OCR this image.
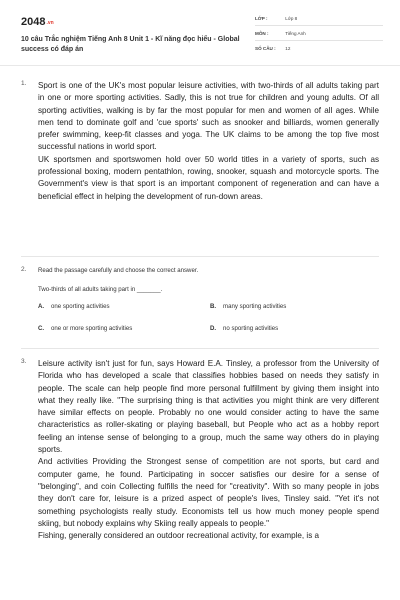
2048.vn
10 câu Trắc nghiệm Tiếng Anh 8 Unit 1 - Kĩ năng đọc hiểu - Global success có đáp án
LỚP :	Lớp 8
MÔN :	Tiếng Anh
SỐ CÂU : 12
1. Sport is one of the UK's most popular leisure activities, with two-thirds of all adults taking part in one or more sporting activities. Sadly, this is not true for children and young adults. Of all sporting activities, walking is by far the most popular for men and women of all ages. While men tend to dominate golf and 'cue sports' such as snooker and billiards, women generally prefer swimming, keep-fit classes and yoga. The UK claims to be among the top five most successful nations in world sport.

UK sportsmen and sportswomen hold over 50 world titles in a variety of sports, such as professional boxing, modern pentathlon, rowing, snooker, squash and motorcycle sports. The Government's view is that sport is an important component of regeneration and can have a beneficial effect in helping the development of run-down areas.

2. Read the passage carefully and choose the correct answer.

Two-thirds of all adults taking part in _______.

A. one sporting activities	B. many sporting activities
C. one or more sporting activities	D. no sporting activities
3. Leisure activity isn't just for fun, says Howard E.A. Tinsley, a professor from the University of Florida who has developed a scale that classifies hobbies based on needs they satisfy in people. The scale can help people find more personal fulfillment by giving them insight into what they really like. "The surprising thing is that activities you might think are very different have similar effects on people. Probably no one would consider acting to have the same characteristics as roller-skating or playing baseball, but People who act as a hobby report feeling an intense sense of belonging to a group, much the same way others do in playing sports.

And activities Providing the Strongest sense of competition are not sports, but card and computer game, he found. Participating in soccer satisfies our desire for a sense of "belonging", and coin Collecting fulfills the need for "creativity". With so many people in jobs they don't care for, leisure is a prized aspect of people's lives, Tinsley said. "Yet it's not something psychologists really study. Economists tell us how much money people spend skiing, but nobody explains why Skiing really appeals to people."

Fishing, generally considered an outdoor recreational activity, for example, is a
